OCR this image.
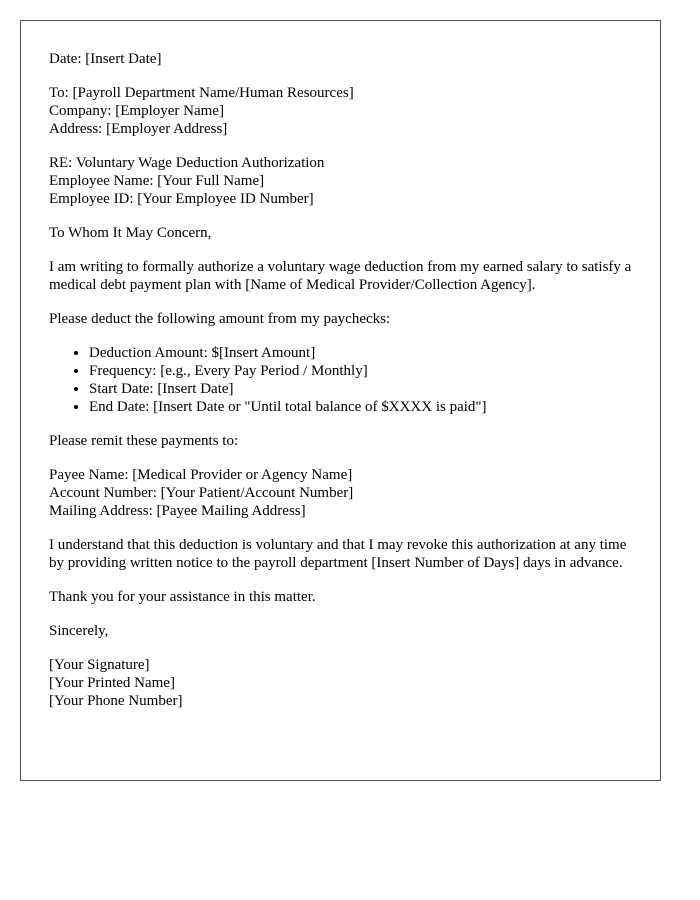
Date: [Insert Date]

To: [Payroll Department Name/Human Resources]
Company: [Employer Name]
Address: [Employer Address]

RE: Voluntary Wage Deduction Authorization
Employee Name: [Your Full Name]
Employee ID: [Your Employee ID Number]

To Whom It May Concern,

I am writing to formally authorize a voluntary wage deduction from my earned salary to satisfy a medical debt payment plan with [Name of Medical Provider/Collection Agency].

Please deduct the following amount from my paychecks:

• Deduction Amount: $[Insert Amount]
• Frequency: [e.g., Every Pay Period / Monthly]
• Start Date: [Insert Date]
• End Date: [Insert Date or "Until total balance of $XXXX is paid"]

Please remit these payments to:

Payee Name: [Medical Provider or Agency Name]
Account Number: [Your Patient/Account Number]
Mailing Address: [Payee Mailing Address]

I understand that this deduction is voluntary and that I may revoke this authorization at any time by providing written notice to the payroll department [Insert Number of Days] days in advance.

Thank you for your assistance in this matter.

Sincerely,

[Your Signature]
[Your Printed Name]
[Your Phone Number]
